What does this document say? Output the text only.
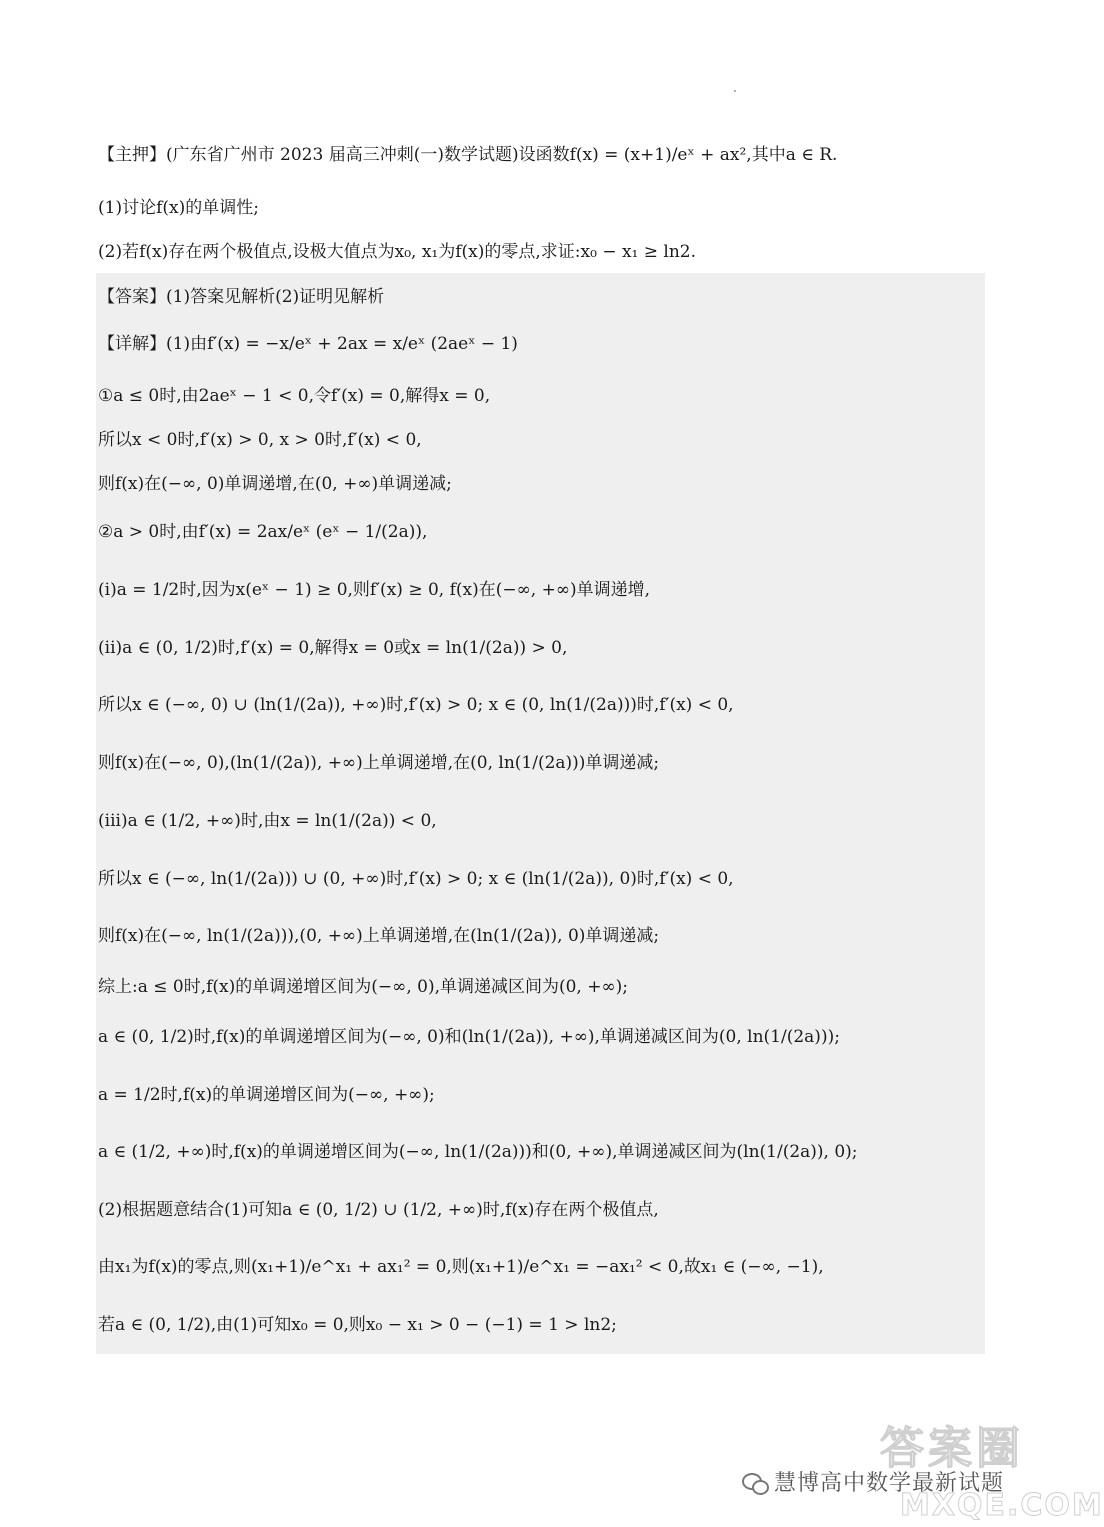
【主押】(广东省广州市 2023 届高三冲刺(一)数学试题)设函数f(x) = (x+1)/eˣ + ax²,其中a ∈ R.
(1)讨论f(x)的单调性;
(2)若f(x)存在两个极值点,设极大值点为x₀, x₁为f(x)的零点,求证:x₀ − x₁ ≥ ln2.
【答案】(1)答案见解析(2)证明见解析
【详解】(1)由f′(x) = −x/eˣ + 2ax = x/eˣ (2aeˣ − 1)
①a ≤ 0时,由2aeˣ − 1 < 0,令f′(x) = 0,解得x = 0,
所以x < 0时,f′(x) > 0, x > 0时,f′(x) < 0,
则f(x)在(−∞, 0)单调递增,在(0, +∞)单调递减;
②a > 0时,由f′(x) = 2ax/eˣ (eˣ − 1/(2a)),
(i)a = 1/2时,因为x(eˣ − 1) ≥ 0,则f′(x) ≥ 0, f(x)在(−∞, +∞)单调递增,
(ii)a ∈ (0, 1/2)时,f′(x) = 0,解得x = 0或x = ln(1/(2a)) > 0,
所以x ∈ (−∞, 0) ∪ (ln(1/(2a)), +∞)时,f′(x) > 0; x ∈ (0, ln(1/(2a)))时,f′(x) < 0,
则f(x)在(−∞, 0),(ln(1/(2a)), +∞)上单调递增,在(0, ln(1/(2a)))单调递减;
(iii)a ∈ (1/2, +∞)时,由x = ln(1/(2a)) < 0,
所以x ∈ (−∞, ln(1/(2a))) ∪ (0, +∞)时,f′(x) > 0; x ∈ (ln(1/(2a)), 0)时,f′(x) < 0,
则f(x)在(−∞, ln(1/(2a))),(0, +∞)上单调递增,在(ln(1/(2a)), 0)单调递减;
综上:a ≤ 0时,f(x)的单调递增区间为(−∞, 0),单调递减区间为(0, +∞);
a ∈ (0, 1/2)时,f(x)的单调递增区间为(−∞, 0)和(ln(1/(2a)), +∞),单调递减区间为(0, ln(1/(2a)));
a = 1/2时,f(x)的单调递增区间为(−∞, +∞);
a ∈ (1/2, +∞)时,f(x)的单调递增区间为(−∞, ln(1/(2a)))和(0, +∞),单调递减区间为(ln(1/(2a)), 0);
(2)根据题意结合(1)可知a ∈ (0, 1/2) ∪ (1/2, +∞)时,f(x)存在两个极值点,
由x₁为f(x)的零点,则(x₁+1)/e^x₁ + ax₁² = 0,则(x₁+1)/e^x₁ = −ax₁² < 0,故x₁ ∈ (−∞, −1),
若a ∈ (0, 1/2),由(1)可知x₀ = 0,则x₀ − x₁ > 0 − (−1) = 1 > ln2;
答案圈
慧博高中数学最新试题
MXQE.COM
